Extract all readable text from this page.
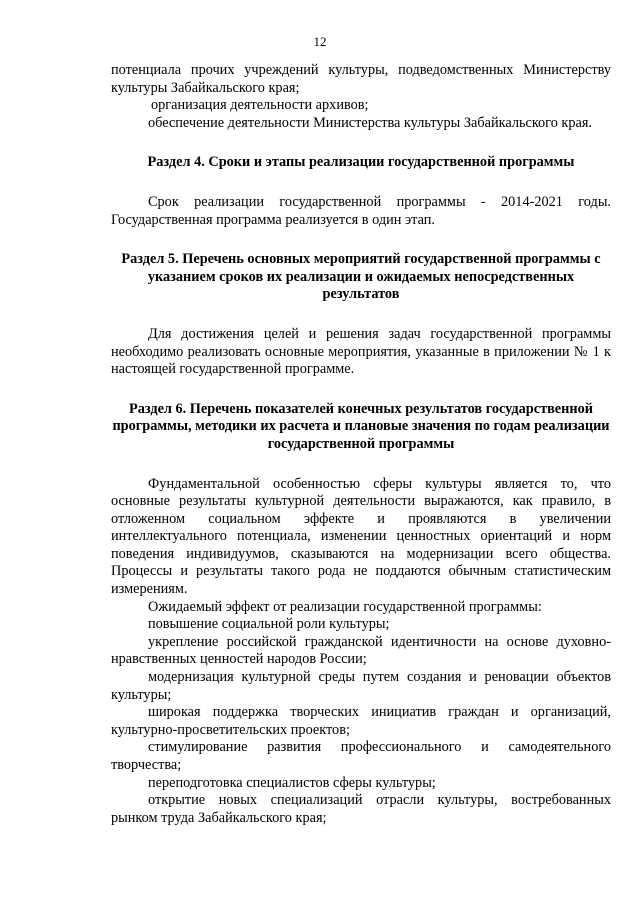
12

потенциала прочих учреждений культуры, подведомственных Министерству культуры Забайкальского края;

организация деятельности архивов;

обеспечение деятельности Министерства культуры Забайкальского края.

Раздел 4. Сроки и этапы реализации государственной программы

Срок реализации государственной программы - 2014-2021 годы. Государственная программа реализуется в один этап.

Раздел 5. Перечень основных мероприятий государственной программы с указанием сроков их реализации и ожидаемых непосредственных результатов

Для достижения целей и решения задач государственной программы необходимо реализовать основные мероприятия, указанные в приложении № 1 к настоящей государственной программе.

Раздел 6. Перечень показателей конечных результатов государственной программы, методики их расчета и плановые значения по годам реализации государственной программы

Фундаментальной особенностью сферы культуры является то, что основные результаты культурной деятельности выражаются, как правило, в отложенном социальном эффекте и проявляются в увеличении интеллектуального потенциала, изменении ценностных ориентаций и норм поведения индивидуумов, сказываются на модернизации всего общества. Процессы и результаты такого рода не поддаются обычным статистическим измерениям.

Ожидаемый эффект от реализации государственной программы:

повышение социальной роли культуры;

укрепление российской гражданской идентичности на основе духовно-нравственных ценностей народов России;

модернизация культурной среды путем создания и реновации объектов культуры;

широкая поддержка творческих инициатив граждан и организаций, культурно-просветительских проектов;

стимулирование развития профессионального и самодеятельного творчества;

переподготовка специалистов сферы культуры;

открытие новых специализаций отрасли культуры, востребованных рынком труда Забайкальского края;
